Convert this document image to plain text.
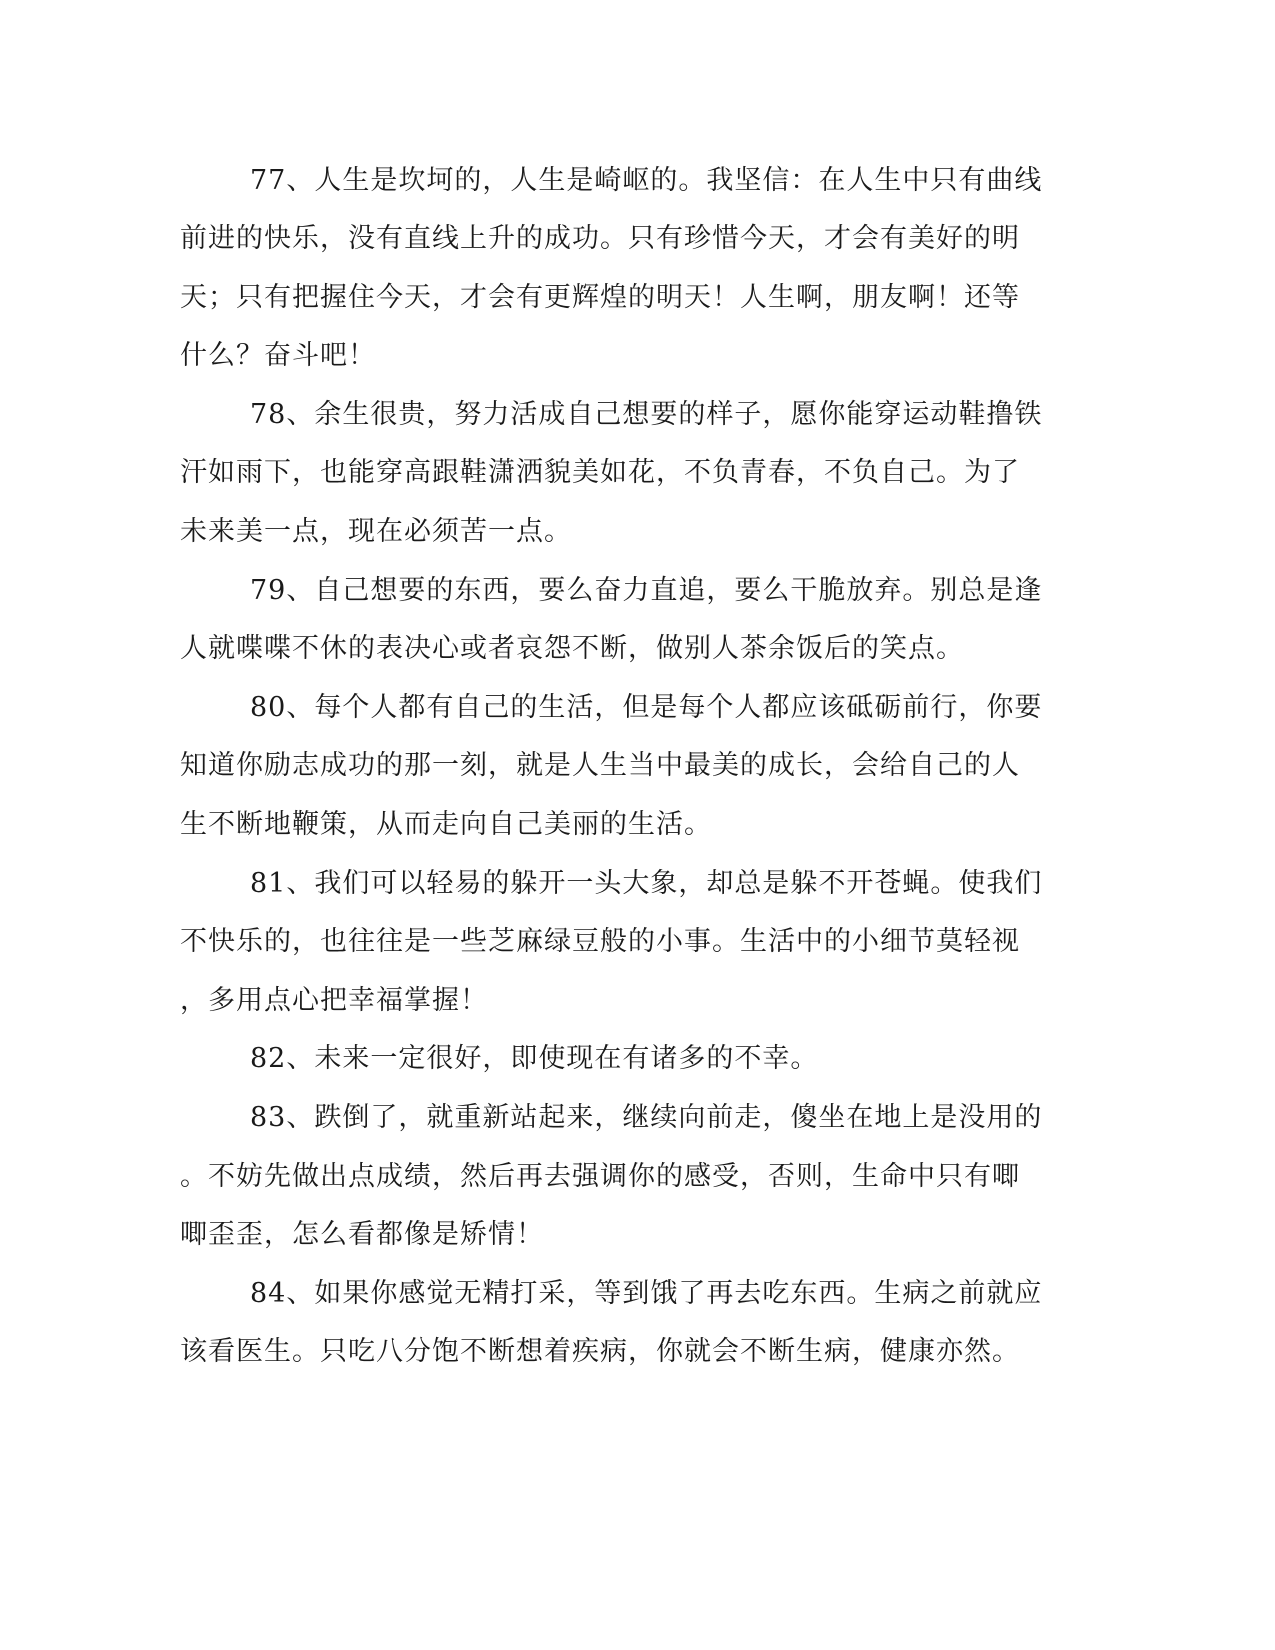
77、人生是坎坷的，人生是崎岖的。我坚信：在人生中只有曲线
前进的快乐，没有直线上升的成功。只有珍惜今天，才会有美好的明
天；只有把握住今天，才会有更辉煌的明天！人生啊，朋友啊！还等
什么？奋斗吧！
78、余生很贵，努力活成自己想要的样子，愿你能穿运动鞋撸铁
汗如雨下，也能穿高跟鞋潇洒貌美如花，不负青春，不负自己。为了
未来美一点，现在必须苦一点。
79、自己想要的东西，要么奋力直追，要么干脆放弃。别总是逢
人就喋喋不休的表决心或者哀怨不断，做别人茶余饭后的笑点。
80、每个人都有自己的生活，但是每个人都应该砥砺前行，你要
知道你励志成功的那一刻，就是人生当中最美的成长，会给自己的人
生不断地鞭策，从而走向自己美丽的生活。
81、我们可以轻易的躲开一头大象，却总是躲不开苍蝇。使我们
不快乐的，也往往是一些芝麻绿豆般的小事。生活中的小细节莫轻视
，多用点心把幸福掌握！
82、未来一定很好，即使现在有诸多的不幸。
83、跌倒了，就重新站起来，继续向前走，傻坐在地上是没用的
。不妨先做出点成绩，然后再去强调你的感受，否则，生命中只有唧
唧歪歪，怎么看都像是矫情！
84、如果你感觉无精打采，等到饿了再去吃东西。生病之前就应
该看医生。只吃八分饱不断想着疾病，你就会不断生病，健康亦然。
